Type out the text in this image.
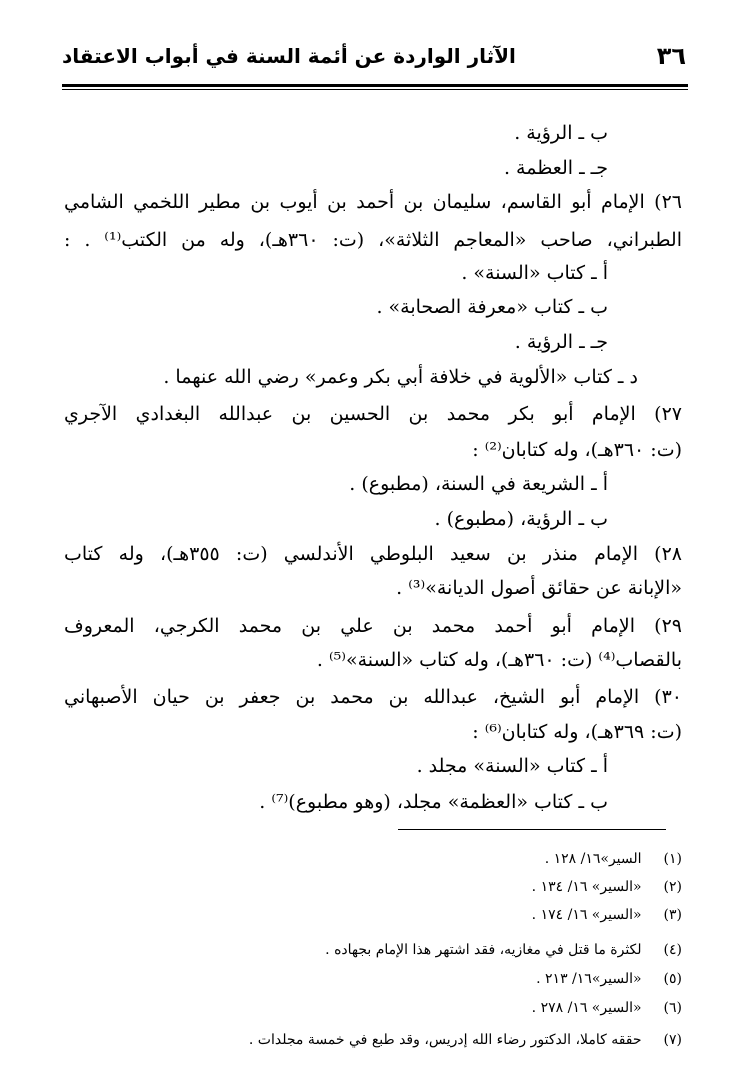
٣٦
الآثار الواردة عن أئمة السنة في أبواب الاعتقاد
ب ـ الرؤية .
جـ ـ العظمة .
٢٦) الإمام أبو القاسم، سليمان بن أحمد بن أيوب بن مطير اللخمي الشامي
الطبراني، صاحب «المعاجم الثلاثة»، (ت: ٣٦٠هـ)، وله من الكتب⁽¹⁾ . :
أ ـ كتاب «السنة» .
ب ـ كتاب «معرفة الصحابة» .
جـ ـ الرؤية .
د ـ كتاب «الألوية في خلافة أبي بكر وعمر» رضي الله عنهما .
٢٧) الإمام أبو بكر محمد بن الحسين بن عبدالله البغدادي الآجري
(ت: ٣٦٠هـ)، وله كتابان⁽²⁾ :
أ ـ الشريعة في السنة، (مطبوع) .
ب ـ الرؤية، (مطبوع) .
٢٨) الإمام منذر بن سعيد البلوطي الأندلسي (ت: ٣٥٥هـ)، وله كتاب
«الإبانة عن حقائق أصول الديانة»⁽³⁾ .
٢٩) الإمام أبو أحمد محمد بن علي بن محمد الكرجي، المعروف
بالقصاب⁽⁴⁾ (ت: ٣٦٠هـ)، وله كتاب «السنة»⁽⁵⁾ .
٣٠) الإمام أبو الشيخ، عبدالله بن محمد بن جعفر بن حيان الأصبهاني
(ت: ٣٦٩هـ)، وله كتابان⁽⁶⁾ :
أ ـ كتاب «السنة» مجلد .
ب ـ كتاب «العظمة» مجلد، (وهو مطبوع)⁽⁷⁾ .
(١) السير»١٦/ ١٢٨ .
(٢) «السير» ١٦/ ١٣٤ .
(٣) «السير» ١٦/ ١٧٤ .
(٤) لكثرة ما قتل في مغازيه، فقد اشتهر هذا الإمام بجهاده .
(٥) «السير»١٦/ ٢١٣ .
(٦) «السير» ١٦/ ٢٧٨ .
(٧) حققه كاملا، الدكتور رضاء الله إدريس، وقد طبع في خمسة مجلدات .
